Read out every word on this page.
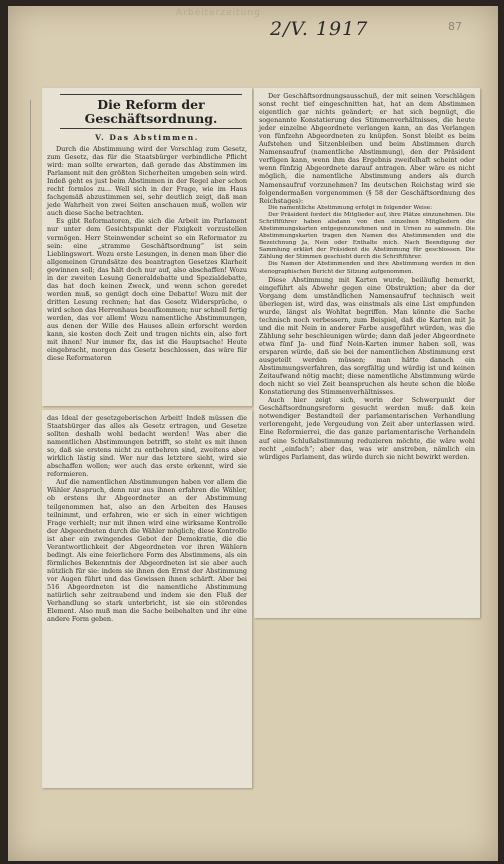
Arbeiterzeitung
2/V. 1917	87
Die Reform der Geschäftsordnung.
V. Das Abstimmen.

Durch die Abstimmung wird der Vorschlag zum Gesetz, zum Gesetz, das für die Staatsbürger verbindliche Pflicht wird: man sollte erwarten, daß gerade das Abstimmen im Parlament mit den größten Sicherheiten umgeben sein wird. Indeß geht es just beim Abstimmen in der Regel aber schon recht formlos zu... Well sich in der Frage, wie im Haus fachgemäß abzustimmen sei, sehr deutlich zeigt, daß man jede Wahrheit von zwei Seiten anschauen muß, wollen wir auch diese Sache betrachten.

Es gibt Reformatoren, die sich die Arbeit im Parlament nur unter dem Gesichtspunkt der Fixigkeit vorzustellen vermögen. Herr Steinwender scheint so ein Reformator zu sein: eine „stramme Geschäftsordnung“ ist sein Lieblingswort. Wozu erste Lesungen, in denen man über die allgemeinen Grundsätze des beantragten Gesetzes Klarheit gewinnen soll; das hält doch nur auf, also abschaffen! Wozu in der zweiten Lesung Generaldebatte und Spezialdebatte, das hat doch keinen Zweck, und wenn schon geredet werden muß, so genügt doch eine Debatte! Wozu mit der dritten Lesung rechnen; hat das Gesetz Widersprüche, o wird schon das Herrenhaus beaufkommen; nur schnell fertig werden, das vor allem! Wozu namentliche Abstimmungen, aus denen der Wille des Hauses allein erforscht werden kann, sie kosten doch Zeit und tragen nichts ein, also fort mit ihnen! Nur immer fix, das ist die Hauptsache! Heute eingebracht, morgen das Gesetz beschlossen, das wäre für diese Reformatoren

Der Geschäftsordnungsausschuß, der mit seinen Vorschlägen sonst recht tief eingeschnitten hat, hat an dem Abstimmen eigentlich gar nichts geändert; er hat sich begnügt, die sogenannte Konstatierung des Stimmenverhältnisses, die heute jeder einzelne Abgeordnete verlangen kann, an das Verlangen von fünfzehn Abgeordneten zu knüpfen. Sonst bleibt es beim Aufstehen und Sitzenbleiben und beim Abstimmen durch Namensaufruf (namentliche Abstimmung), den der Präsident verfügen kann, wenn ihm das Ergebnis zweifelhaft scheint oder wenn fünfzig Abgeordnete darauf antragen. Aber wäre es nicht möglich, die namentliche Abstimmung anders als durch Namensaufruf vorzunehmen? Im deutschen Reichstag wird sie folgendermaßen vorgenommen (§ 58 der Geschäftsordnung des Reichstages):

Die namentliche Abstimmung erfolgt in folgender Weise:

Der Präsident fordert die Mitglieder auf, ihre Plätze einzunehmen. Die Schriftführer haben alsdann von den einzelnen Mitgliedern die Abstimmungskarten entgegenzunehmen und in Urnen zu sammeln. Die Abstimmungskarten tragen den Namen des Abstimmenden und die Bezeichnung Ja, Nein oder Enthalte mich. Nach Beendigung der Sammlung erklärt der Präsident die Abstimmung für geschlossen. Die Zählung der Stimmen geschieht durch die Schriftführer.

Die Namen der Abstimmenden und ihre Abstimmung werden in den stenographischen Bericht der Sitzung aufgenommen.

Diese Abstimmung mit Karten wurde, beiläufig bemerkt, eingeführt als Abwehr gegen eine Obstruktion; aber da der Vorgang dem umständlichen Namensaufruf technisch weit überlegen ist, wird das, was einstmals als eine List empfunden wurde, längst als Wohltat begriffen. Man könnte die Sache technisch noch verbessern, zum Beispiel, daß die Karten mit Ja und die mit Nein in anderer Farbe ausgeführt würden, was die Zählung sehr beschleunigen würde; dann daß jeder Abgeordnete etwa fünf Ja- und fünf Nein-Karten immer haben soll, was ersparen würde, daß sie bei der namentlichen Abstimmung erst ausgeteilt werden müssen; man hätte danach ein Abstimmungsverfahren, das sorgfältig und würdig ist und keinen Zeitaufwand nötig macht; diese namentliche Abstimmung würde doch nicht so viel Zeit beanspruchen als heute schon die bloße Konstatierung des Stimmenverhältnisses.

Auch hier zeigt sich, worin der Schwerpunkt der Geschäftsordnungsreform gesucht werden muß: daß kein notwendiger Bestandteil der parlamentarischen Verhandlung verlorengeht, jede Vergeudung von Zeit aber unterlassen wird. Eine Reformierrei, die das ganze parlamentarische Verhandeln auf eine Schlußabstimmung reduzieren möchte, die wäre wohl recht „einfach“; aber das, was wir anstreben, nämlich ein würdiges Parlament, das würde durch sie nicht bewirkt werden.

das Ideal der gesetzgeberischen Arbeit! Indeß müssen die Staatsbürger das alles als Gesetz ertragen, und Gesetze sollten deshalb wohl bedacht werden! Was aber die namentlichen Abstimmungen betrifft, so steht es mit ihnen so, daß sie erstens nicht zu entbehren sind, zweitens aber wirklich lästig sind. Wer nur das letztere sieht, wird sie abschaffen wollen; wer auch das erste erkennt, wird sie reformieren.

Auf die namentlichen Abstimmungen haben vor allem die Wähler Anspruch, denn nur aus ihnen erfahren die Wähler, ob erstens ihr Abgeordneter an der Abstimmung teilgenommen hat, also an den Arbeiten des Hauses teilnimmt, und erfahren, wie er sich in einer wichtigen Frage verhielt; nur mit ihnen wird eine wirksame Kontrolle der Abgeordneten durch die Wähler möglich; diese Kontrolle ist aber ein zwingendes Gebot der Demokratie, die die Verantwortlichkeit der Abgeordneten vor ihren Wählern bedingt. Als eine feierlichere Form des Abstimmens, als ein förmliches Bekenntnis der Abgeordneten ist sie aber auch nützlich für sie: indem sie ihnen den Ernst der Abstimmung vor Augen führt und das Gewissen ihnen schärft. Aber bei 516 Abgeordneten ist die namentliche Abstimmung natürlich sehr zeitraubend und indem sie den Fluß der Verhandlung so stark unterbricht, ist sie ein störendes Element. Also muß man die Sache beibehalten und ihr eine andere Form geben.
